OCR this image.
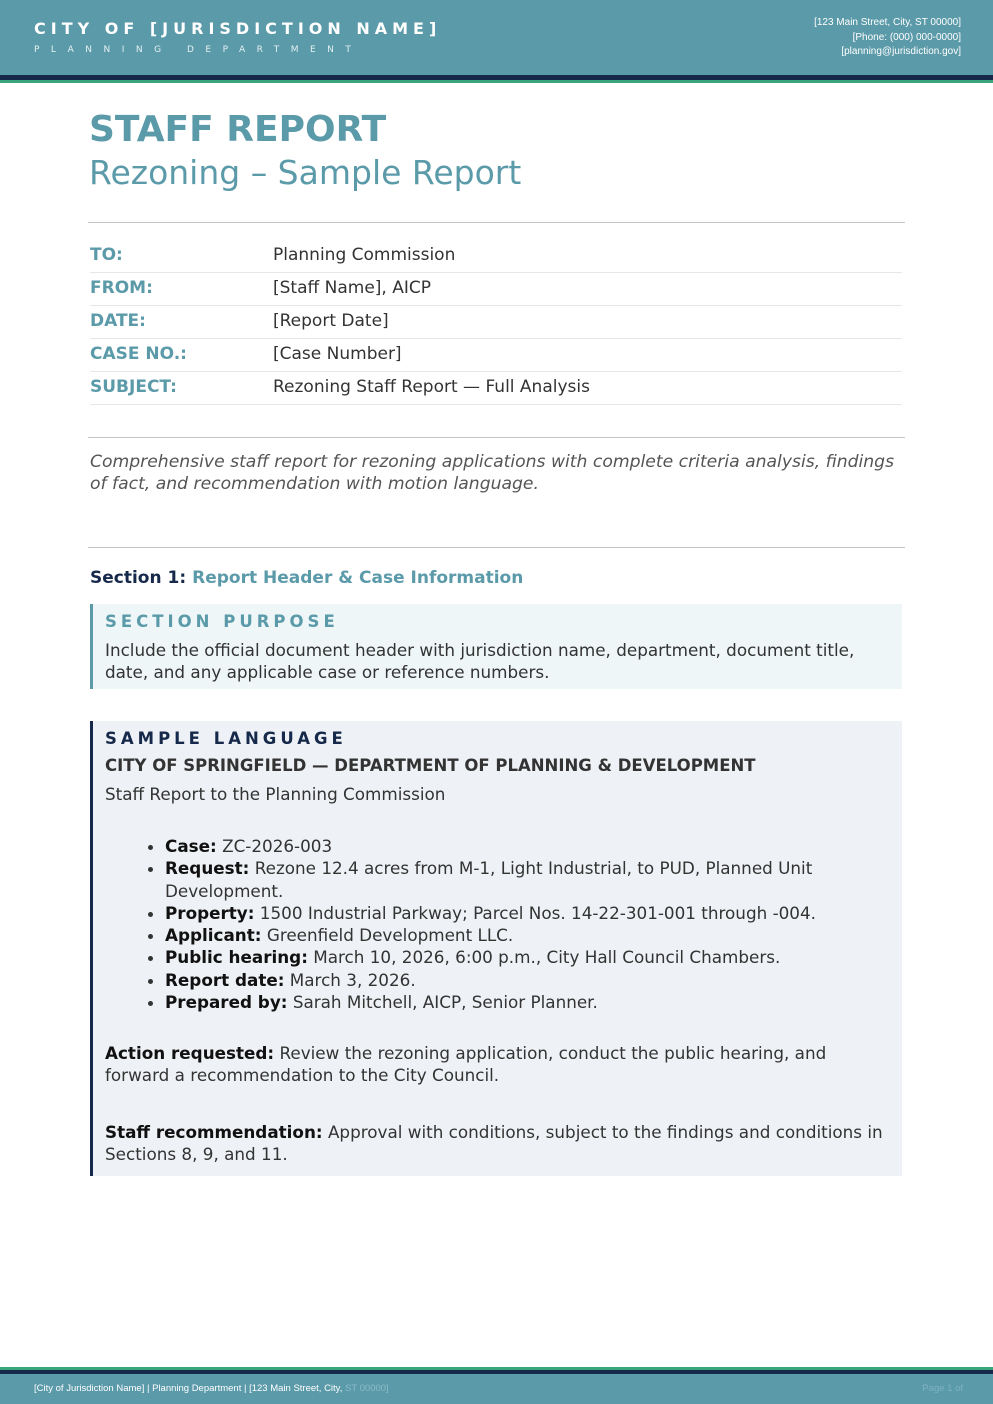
CITY OF [JURISDICTION NAME]
PLANNING DEPARTMENT
[123 Main Street, City, ST 00000]
[Phone: (000) 000-0000]
[planning@jurisdiction.gov]
STAFF REPORT
Rezoning – Sample Report
TO:	Planning Commission
FROM:	[Staff Name], AICP
DATE:	[Report Date]
CASE NO.:	[Case Number]
SUBJECT:	Rezoning Staff Report — Full Analysis
Comprehensive staff report for rezoning applications with complete criteria analysis, findings of fact, and recommendation with motion language.
Section 1: Report Header & Case Information
SECTION PURPOSE
Include the official document header with jurisdiction name, department, document title, date, and any applicable case or reference numbers.
SAMPLE LANGUAGE
CITY OF SPRINGFIELD — DEPARTMENT OF PLANNING & DEVELOPMENT
Staff Report to the Planning Commission
• Case: ZC-2026-003
• Request: Rezone 12.4 acres from M-1, Light Industrial, to PUD, Planned Unit Development.
• Property: 1500 Industrial Parkway; Parcel Nos. 14-22-301-001 through -004.
• Applicant: Greenfield Development LLC.
• Public hearing: March 10, 2026, 6:00 p.m., City Hall Council Chambers.
• Report date: March 3, 2026.
• Prepared by: Sarah Mitchell, AICP, Senior Planner.
Action requested: Review the rezoning application, conduct the public hearing, and forward a recommendation to the City Council.
Staff recommendation: Approval with conditions, subject to the findings and conditions in Sections 8, 9, and 11.
[City of Jurisdiction Name] | Planning Department | [123 Main Street, City, ST 00000]	Page 1 of
